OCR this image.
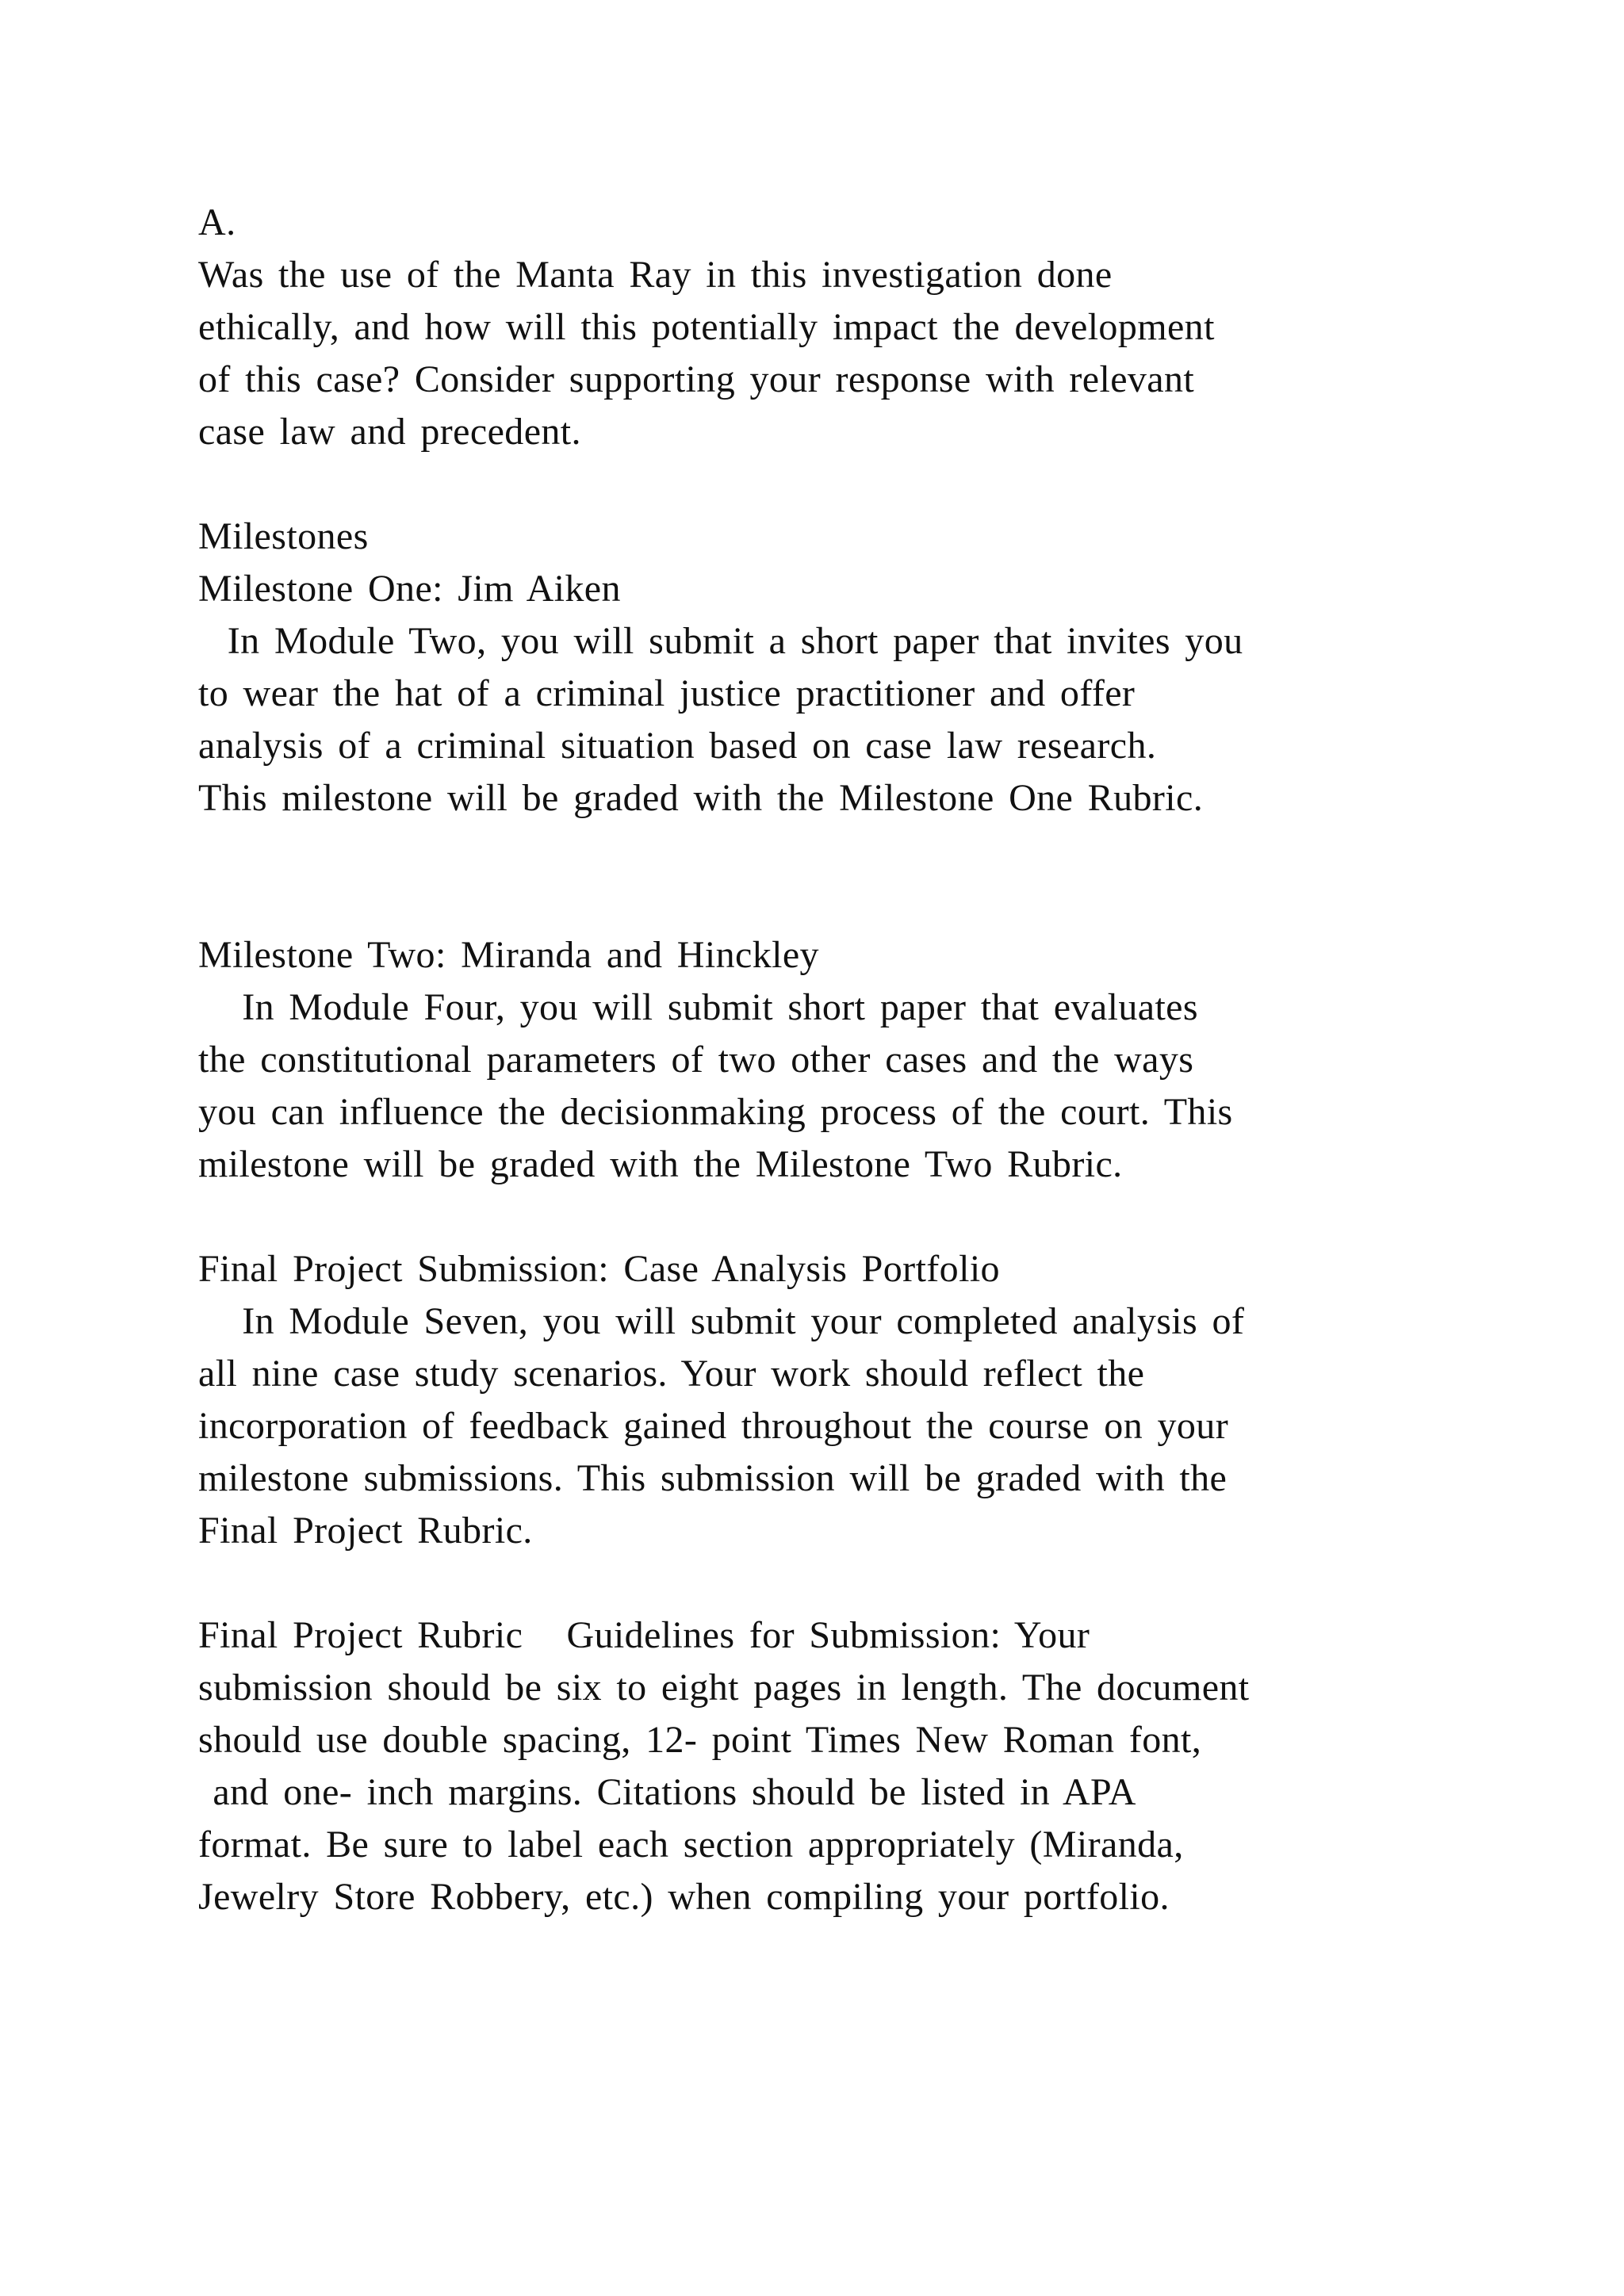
A.
Was the use of the Manta Ray in this investigation done
ethically, and how will this potentially impact the development
of this case? Consider supporting your response with relevant
case law and precedent.
Milestones
Milestone One: Jim Aiken
In Module Two, you will submit a short paper that invites you
to wear the hat of a criminal justice practitioner and offer
analysis of a criminal situation based on case law research.
This milestone will be graded with the Milestone One Rubric.
Milestone Two: Miranda and Hinckley
In Module Four, you will submit short paper that evaluates
the constitutional parameters of two other cases and the ways
you can influence the decisionmaking process of the court. This
milestone will be graded with the Milestone Two Rubric.
Final Project Submission: Case Analysis Portfolio
In Module Seven, you will submit your completed analysis of
all nine case study scenarios. Your work should reflect the
incorporation of feedback gained throughout the course on your
milestone submissions. This submission will be graded with the
Final Project Rubric.
Final Project Rubric   Guidelines for Submission: Your
submission should be six to eight pages in length. The document
should use double spacing, 12- point Times New Roman font,
and one- inch margins. Citations should be listed in APA
format. Be sure to label each section appropriately (Miranda,
Jewelry Store Robbery, etc.) when compiling your portfolio.
